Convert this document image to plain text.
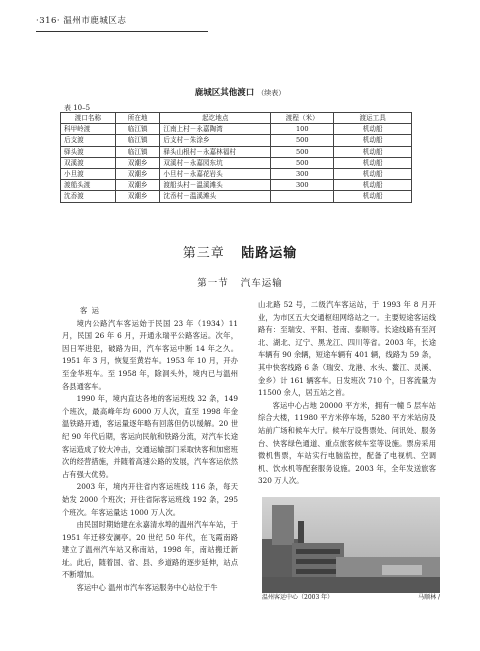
·316· 温州市鹿城区志
鹿城区其他渡口 （续表）
表 10–5
渡口名称	所在地	起讫地点	渡程（米）	渡运工具
科甲岭渡	临江镇	江南上村－永嘉陶湾	100	机动船
后支渡	临江镇	后支村－朱涂乡	500	机动船
驿头渡	临江镇	驿头山根村－永嘉林福村	500	机动船
双溪渡	双潮乡	双溪村－永嘉园东坑	500	机动船
小旦渡	双潮乡	小旦村－永嘉花岩头	300	机动船
渡船头渡	双潮乡	渡船头村－温溪滩头	300	机动船
沈岙渡	双潮乡	沈岙村－温溪滩头		机动船
第三章 陆路运输
第一节 汽车运输

客 运

境内公路汽车客运始于民国 23 年（1934）11 月，民国 26 年 6 月，开通永瑞平公路客运。次年，因日军进犯，破路为田，汽车客运中断 14 年之久。1951 年 3 月，恢复至黄岩车。1953 年 10 月，开办至金华班车。至 1958 年，除洞头外，境内已与温州各县通客车。

1990 年，境内直达各地的客运班线 32 条，149 个班次，最高峰年均 6000 万人次，直至 1998 年金温铁路开通，客运量逐年略有回落但仍以缓解。20 世纪 90 年代后期，客运向民航和铁路分流，对汽车长途客运造成了较大冲击，交通运输部门采取快客和加密班次的经营措施，并随着高速公路的发展，汽车客运依然占有强大优势。

2003 年，境内开往省内客运班线 116 条，每天始发 2000 个班次；开往省际客运班线 192 条，295 个班次。年客运量达 1000 万人次。

由民国时期始建在永嘉清水埠的温州汽车车站，于 1951 年迁移安澜亭。20 世纪 50 年代，在飞霞南路建立了温州汽车站又称南站，1998 年，南站搬迁新址。此后，随着国、省、县、乡道路的逐步延伸，站点不断增加。

客运中心 温州市汽车客运服务中心站位于牛

山北路 52 号，二级汽车客运站，于 1993 年 8 月开业，为市区五大交通枢纽网络站之一。主要短途客运线路有：至瑞安、平阳、苍南、泰顺等。长途线路有至河北、湖北、辽宁、黑龙江、四川等省。2003 年，长途车辆有 90 余辆，短途车辆有 401 辆，线路为 59 条，其中快客线路 6 条（瑞安、龙港、水头、鳌江、灵溪、金乡）计 161 辆客车。日发班次 710 个，日客流量为 11500 余人，居五站之首。

客运中心占地 20000 平方米，拥有一幢 5 层车站综合大楼，11980 平方米停车场，5280 平方米站房及站前广场和候车大厅。候车厅设售票处、问讯处、服务台、快客绿色通道、重点旅客候车室等设施。票房采用微机售票，车站实行电脑监控，配备了电视机、空调机、饮水机等配套服务设施。2003 年，全年发送旅客 320 万人次。

温州客运中心（2003 年）	马顺林 /
